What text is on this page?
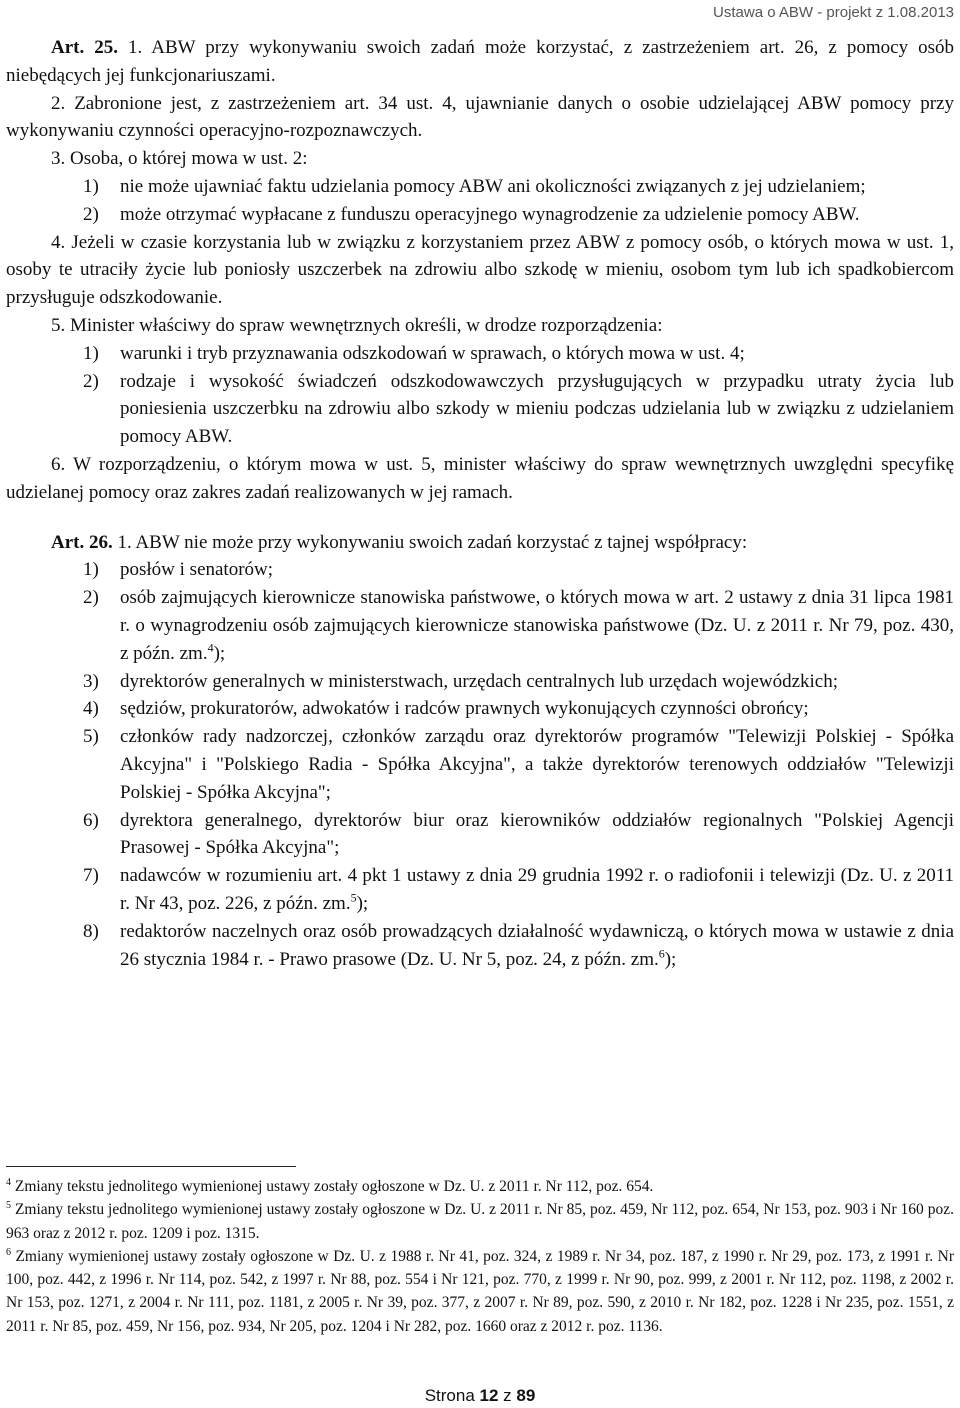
Ustawa o ABW - projekt z 1.08.2013

Art. 25. 1. ABW przy wykonywaniu swoich zadań może korzystać, z zastrzeżeniem art. 26, z pomocy osób niebędących jej funkcjonariuszami.

2. Zabronione jest, z zastrzeżeniem art. 34 ust. 4, ujawnianie danych o osobie udzielającej ABW pomocy przy wykonywaniu czynności operacyjno-rozpoznawczych.

3. Osoba, o której mowa w ust. 2:

1)	nie może ujawniać faktu udzielania pomocy ABW ani okoliczności związanych z jej udzielaniem;
2)	może otrzymać wypłacane z funduszu operacyjnego wynagrodzenie za udzielenie pomocy ABW.

4. Jeżeli w czasie korzystania lub w związku z korzystaniem przez ABW z pomocy osób, o których mowa w ust. 1, osoby te utraciły życie lub poniosły uszczerbek na zdrowiu albo szkodę w mieniu, osobom tym lub ich spadkobiercom przysługuje odszkodowanie.

5. Minister właściwy do spraw wewnętrznych określi, w drodze rozporządzenia:

1)	warunki i tryb przyznawania odszkodowań w sprawach, o których mowa w ust. 4;
2)	rodzaje i wysokość świadczeń odszkodowawczych przysługujących w przypadku utraty życia lub poniesienia uszczerbku na zdrowiu albo szkody w mieniu podczas udzielania lub w związku z udzielaniem pomocy ABW.

6. W rozporządzeniu, o którym mowa w ust. 5, minister właściwy do spraw wewnętrznych uwzględni specyfikę udzielanej pomocy oraz zakres zadań realizowanych w jej ramach.

Art. 26. 1. ABW nie może przy wykonywaniu swoich zadań korzystać z tajnej współpracy:

1)	posłów i senatorów;
2)	osób zajmujących kierownicze stanowiska państwowe, o których mowa w art. 2 ustawy z dnia 31 lipca 1981 r. o wynagrodzeniu osób zajmujących kierownicze stanowiska państwowe (Dz. U. z 2011 r. Nr 79, poz. 430, z późn. zm.$^4$);
3)	dyrektorów generalnych w ministerstwach, urzędach centralnych lub urzędach wojewódzkich;
4)	sędziów, prokuratorów, adwokatów i radców prawnych wykonujących czynności obrońcy;
5)	członków rady nadzorczej, członków zarządu oraz dyrektorów programów "Telewizji Polskiej - Spółka Akcyjna" i "Polskiego Radia - Spółka Akcyjna", a także dyrektorów terenowych oddziałów "Telewizji Polskiej - Spółka Akcyjna";
6)	dyrektora generalnego, dyrektorów biur oraz kierowników oddziałów regionalnych "Polskiej Agencji Prasowej - Spółka Akcyjna";
7)	nadawców w rozumieniu art. 4 pkt 1 ustawy z dnia 29 grudnia 1992 r. o radiofonii i telewizji (Dz. U. z 2011 r. Nr 43, poz. 226, z późn. zm.$^5$);
8)	redaktorów naczelnych oraz osób prowadzących działalność wydawniczą, o których mowa w ustawie z dnia 26 stycznia 1984 r. - Prawo prasowe (Dz. U. Nr 5, poz. 24, z późn. zm.$^6$);

$^4$ Zmiany tekstu jednolitego wymienionej ustawy zostały ogłoszone w Dz. U. z 2011 r. Nr 112, poz. 654.

$^5$ Zmiany tekstu jednolitego wymienionej ustawy zostały ogłoszone w Dz. U. z 2011 r. Nr 85, poz. 459, Nr 112, poz. 654, Nr 153, poz. 903 i Nr 160 poz. 963 oraz z 2012 r. poz. 1209 i poz. 1315.

$^6$ Zmiany wymienionej ustawy zostały ogłoszone w Dz. U. z 1988 r. Nr 41, poz. 324, z 1989 r. Nr 34, poz. 187, z 1990 r. Nr 29, poz. 173, z 1991 r. Nr 100, poz. 442, z 1996 r. Nr 114, poz. 542, z 1997 r. Nr 88, poz. 554 i Nr 121, poz. 770, z 1999 r. Nr 90, poz. 999, z 2001 r. Nr 112, poz. 1198, z 2002 r. Nr 153, poz. 1271, z 2004 r. Nr 111, poz. 1181, z 2005 r. Nr 39, poz. 377, z 2007 r. Nr 89, poz. 590, z 2010 r. Nr 182, poz. 1228 i Nr 235, poz. 1551, z 2011 r. Nr 85, poz. 459, Nr 156, poz. 934, Nr 205, poz. 1204 i Nr 282, poz. 1660 oraz z 2012 r. poz. 1136.

Strona 12 z 89
